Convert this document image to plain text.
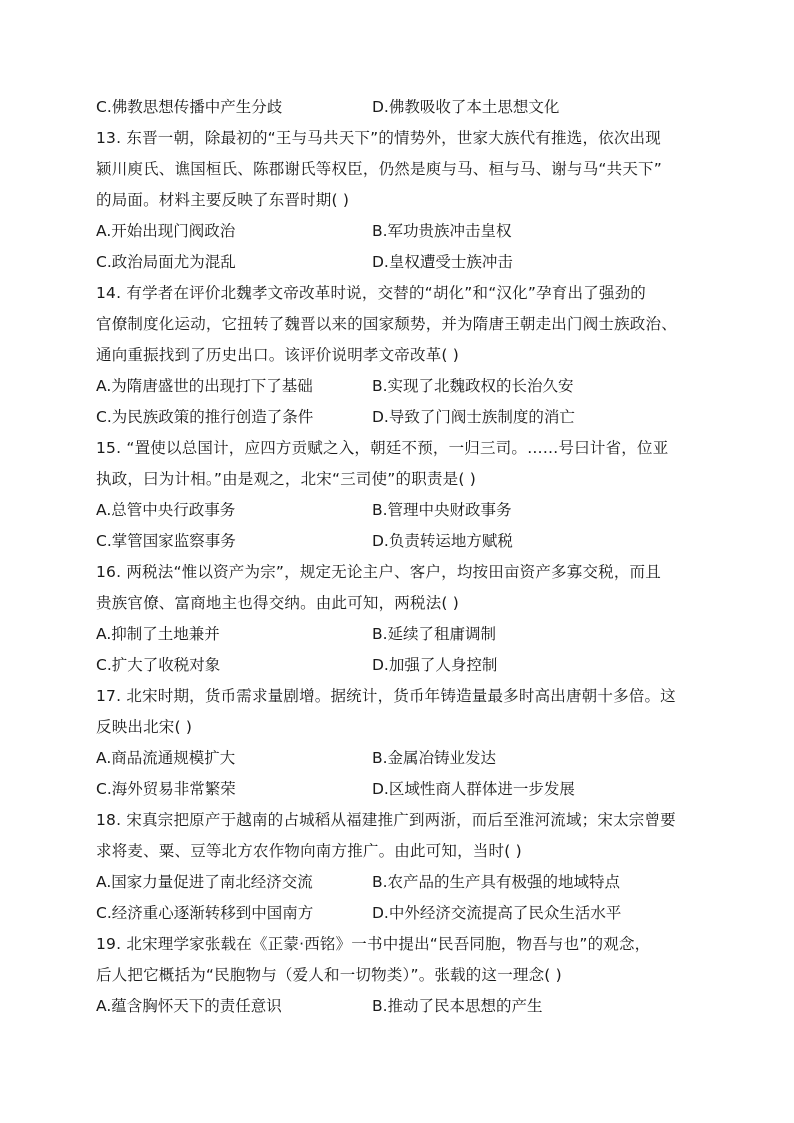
C.佛教思想传播中产生分歧	D.佛教吸收了本土思想文化
13. 东晋一朝，除最初的“王与马共天下”的情势外，世家大族代有推选，依次出现
颍川庾氏、谯国桓氏、陈郡谢氏等权臣，仍然是庾与马、桓与马、谢与马“共天下”
的局面。材料主要反映了东晋时期( )
A.开始出现门阀政治	B.军功贵族冲击皇权
C.政治局面尤为混乱	D.皇权遭受士族冲击
14. 有学者在评价北魏孝文帝改革时说，交替的“胡化”和“汉化”孕育出了强劲的
官僚制度化运动，它扭转了魏晋以来的国家颓势，并为隋唐王朝走出门阀士族政治、
通向重振找到了历史出口。该评价说明孝文帝改革( )
A.为隋唐盛世的出现打下了基础	B.实现了北魏政权的长治久安
C.为民族政策的推行创造了条件	D.导致了门阀士族制度的消亡
15. “置使以总国计，应四方贡赋之入，朝廷不预，一归三司。……号曰计省，位亚
执政，曰为计相。”由是观之，北宋“三司使”的职责是( )
A.总管中央行政事务	B.管理中央财政事务
C.掌管国家监察事务	D.负责转运地方赋税
16. 两税法“惟以资产为宗”，规定无论主户、客户，均按田亩资产多寡交税，而且
贵族官僚、富商地主也得交纳。由此可知，两税法( )
A.抑制了土地兼并	B.延续了租庸调制
C.扩大了收税对象	D.加强了人身控制
17. 北宋时期，货币需求量剧增。据统计，货币年铸造量最多时高出唐朝十多倍。这
反映出北宋( )
A.商品流通规模扩大	B.金属冶铸业发达
C.海外贸易非常繁荣	D.区域性商人群体进一步发展
18. 宋真宗把原产于越南的占城稻从福建推广到两浙，而后至淮河流域；宋太宗曾要
求将麦、粟、豆等北方农作物向南方推广。由此可知，当时( )
A.国家力量促进了南北经济交流	B.农产品的生产具有极强的地域特点
C.经济重心逐渐转移到中国南方	D.中外经济交流提高了民众生活水平
19. 北宋理学家张载在《正蒙·西铭》一书中提出“民吾同胞，物吾与也”的观念，
后人把它概括为“民胞物与（爱人和一切物类）”。张载的这一理念( )
A.蕴含胸怀天下的责任意识	B.推动了民本思想的产生
